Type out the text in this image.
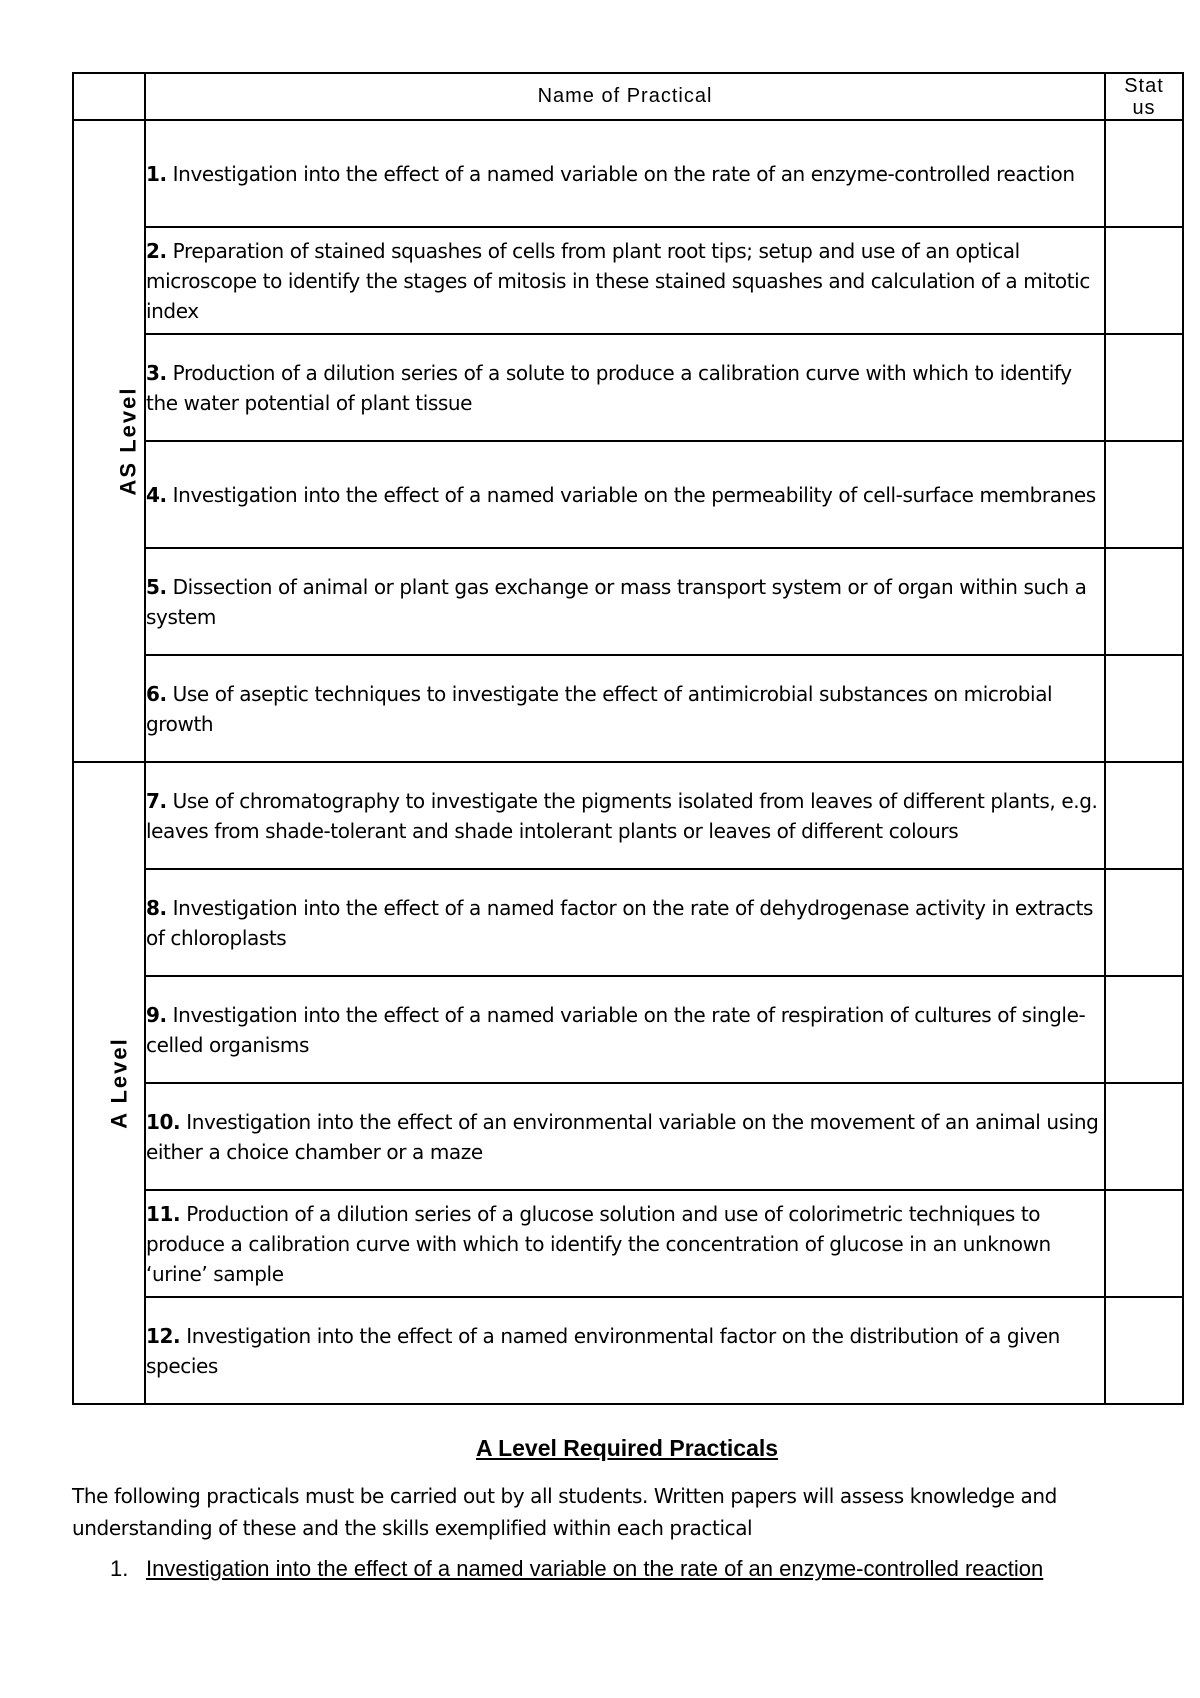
	Name of Practical	Stat
us
AS Level	1. Investigation into the effect of a named variable on the rate of an enzyme-controlled reaction	
	2. Preparation of stained squashes of cells from plant root tips; setup and use of an optical microscope to identify the stages of mitosis in these stained squashes and calculation of a mitotic index	
	3. Production of a dilution series of a solute to produce a calibration curve with which to identify the water potential of plant tissue	
	4. Investigation into the effect of a named variable on the permeability of cell-surface membranes	
	5. Dissection of animal or plant gas exchange or mass transport system or of organ within such a system	
	6. Use of aseptic techniques to investigate the effect of antimicrobial substances on microbial growth	
A Level	7. Use of chromatography to investigate the pigments isolated from leaves of different plants, e.g. leaves from shade-tolerant and shade intolerant plants or leaves of different colours	
	8. Investigation into the effect of a named factor on the rate of dehydrogenase activity in extracts of chloroplasts	
	9. Investigation into the effect of a named variable on the rate of respiration of cultures of single-celled organisms	
	10. Investigation into the effect of an environmental variable on the movement of an animal using either a choice chamber or a maze	
	11. Production of a dilution series of a glucose solution and use of colorimetric techniques to produce a calibration curve with which to identify the concentration of glucose in an unknown ‘urine’ sample	
	12. Investigation into the effect of a named environmental factor on the distribution of a given species	
A Level Required Practicals
The following practicals must be carried out by all students. Written papers will assess knowledge and understanding of these and the skills exemplified within each practical
1. Investigation into the effect of a named variable on the rate of an enzyme-controlled reaction
